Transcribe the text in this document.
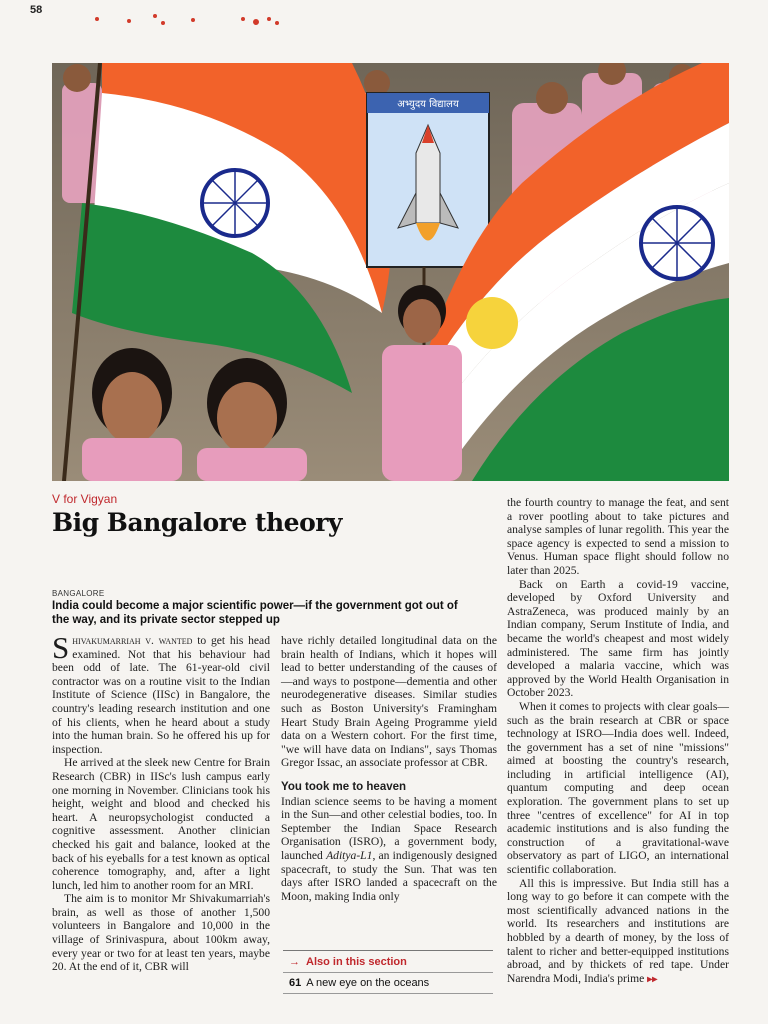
58
अभ्युदय विद्यालय
V for Vigyan
Big Bangalore theory
BANGALORE
India could become a major scientific power—if the government got out of the way, and its private sector stepped up

Shivakumarriah v. wanted to get his head examined. Not that his behaviour had been odd of late. The 61-year-old civil contractor was on a routine visit to the Indian Institute of Science (IISc) in Bangalore, the country's leading research institution and one of his clients, when he heard about a study into the human brain. So he offered his up for inspection.

He arrived at the sleek new Centre for Brain Research (CBR) in IISc's lush campus early one morning in November. Clinicians took his height, weight and blood and checked his heart. A neuropsychologist conducted a cognitive assessment. Another clinician checked his gait and balance, looked at the back of his eyeballs for a test known as optical coherence tomography, and, after a light lunch, led him to another room for an MRI.

The aim is to monitor Mr Shivakumarriah's brain, as well as those of another 1,500 volunteers in Bangalore and 10,000 in the village of Srinivaspura, about 100km away, every year or two for at least ten years, maybe 20. At the end of it, CBR will

have richly detailed longitudinal data on the brain health of Indians, which it hopes will lead to better understanding of the causes of—and ways to postpone—dementia and other neurodegenerative diseases. Similar studies such as Boston University's Framingham Heart Study Brain Ageing Programme yield data on a Western cohort. For the first time, "we will have data on Indians", says Thomas Gregor Issac, an associate professor at CBR.

You took me to heaven

Indian science seems to be having a moment in the Sun—and other celestial bodies, too. In September the Indian Space Research Organisation (ISRO), a government body, launched Aditya-L1, an indigenously designed spacecraft, to study the Sun. That was ten days after ISRO landed a spacecraft on the Moon, making India only

the fourth country to manage the feat, and sent a rover pootling about to take pictures and analyse samples of lunar regolith. This year the space agency is expected to send a mission to Venus. Human space flight should follow no later than 2025.

Back on Earth a covid-19 vaccine, developed by Oxford University and AstraZeneca, was produced mainly by an Indian company, Serum Institute of India, and became the world's cheapest and most widely administered. The same firm has jointly developed a malaria vaccine, which was approved by the World Health Organisation in October 2023.

When it comes to projects with clear goals—such as the brain research at CBR or space technology at ISRO—India does well. Indeed, the government has a set of nine "missions" aimed at boosting the country's research, including in artificial intelligence (AI), quantum computing and deep ocean exploration. The government plans to set up three "centres of excellence" for AI in top academic institutions and is also funding the construction of a gravitational-wave observatory as part of LIGO, an international scientific collaboration.

All this is impressive. But India still has a long way to go before it can compete with the most scientifically advanced nations in the world. Its researchers and institutions are hobbled by a dearth of money, by the loss of talent to richer and better-equipped institutions abroad, and by thickets of red tape. Under Narendra Modi, India's prime ▸▸

→ Also in this section
61 A new eye on the oceans
